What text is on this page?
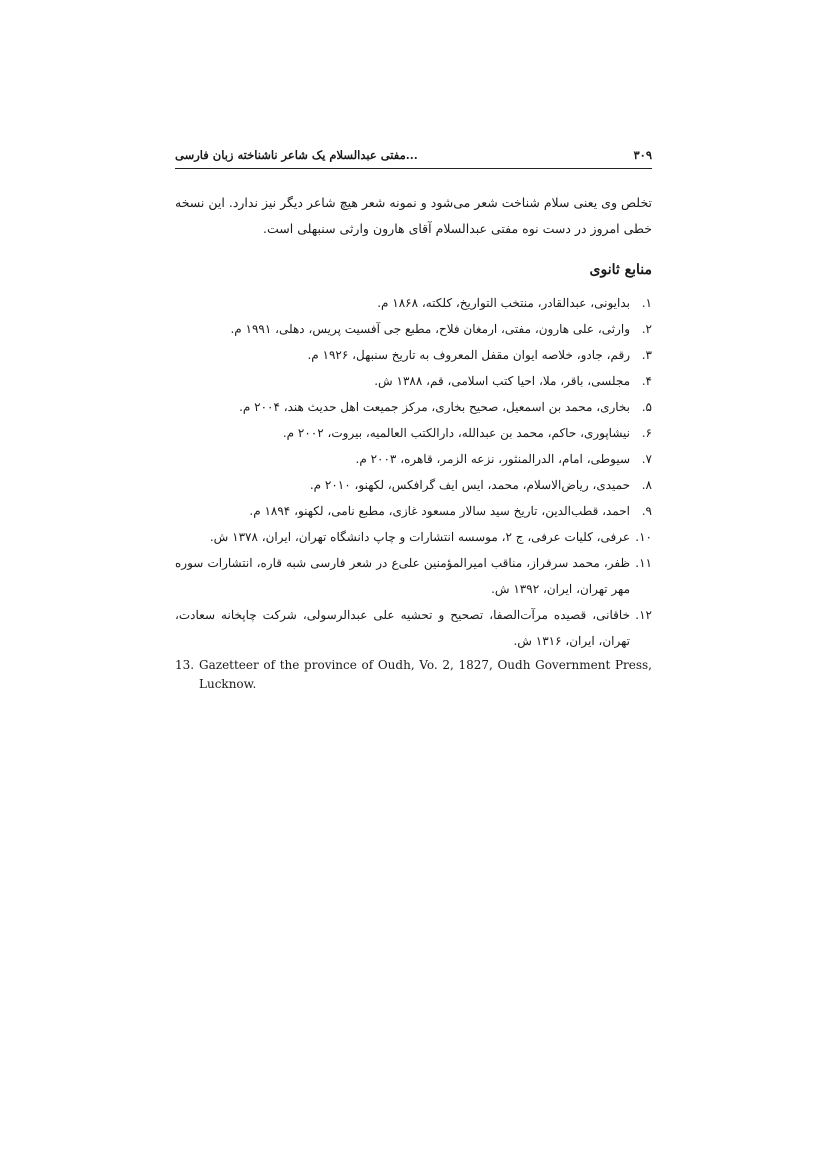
مفتی عبدالسلام یک شاعر ناشناخته زبان فارسی...	۳۰۹

تخلص وی یعنی سلام شناخت شعر می‌شود و نمونه شعر هیچ شاعر دیگر نیز ندارد. این نسخه خطی امروز در دست نوه مفتی عبدالسلام آقای هارون وارثی سنبهلی است.

منابع ثانوی
۱.
بدایونی، عبدالقادر، منتخب التواریخ، کلکته، ۱۸۶۸ م.
۲.
وارثی، علی هارون، مفتی، ارمغان فلاح، مطبع جی آفسیت پریس، دهلی، ۱۹۹۱ م.
۳.
رقم، جادو، خلاصه ایوان مقفل المعروف به تاریخ سنبهل، ۱۹۲۶ م.
۴.
مجلسی، باقر، ملا، احیا کتب اسلامی، قم، ۱۳۸۸ ش.
۵.
بخاری، محمد بن اسمعیل، صحیح بخاری، مرکز جمیعت اهل حدیث هند، ۲۰۰۴ م.
۶.
نیشاپوری، حاکم، محمد بن عبدالله، دارالکتب العالمیه، بیروت، ۲۰۰۲ م.
۷.
سیوطی، امام، الدرالمنثور، نزعه الزمر، قاهره، ۲۰۰۳ م.
۸.
حمیدی، ریاض‌الاسلام، محمد، ایس ایف گرافکس، لکهنو، ۲۰۱۰ م.
۹.
احمد، قطب‌الدین، تاریخ سید سالار مسعود غازی، مطبع نامی، لکهنو، ۱۸۹۴ م.
۱۰.
عرفی، کلیات عرفی، ج ۲، موسسه انتشارات و چاپ دانشگاه تهران، ایران، ۱۳۷۸ ش.
۱۱.
ظفر، محمد سرفراز، مناقب امیرالمؤمنین علی‌ع در شعر فارسی شبه قاره، انتشارات سوره مهر تهران، ایران، ۱۳۹۲ ش.
۱۲.
خاقانی، قصیده مرآت‌الصفا، تصحیح و تحشیه علی عبدالرسولی، شرکت چاپخانه سعادت، تهران، ایران، ۱۳۱۶ ش.
13. Gazetteer of the province of Oudh, Vo. 2, 1827, Oudh Government Press, Lucknow.
